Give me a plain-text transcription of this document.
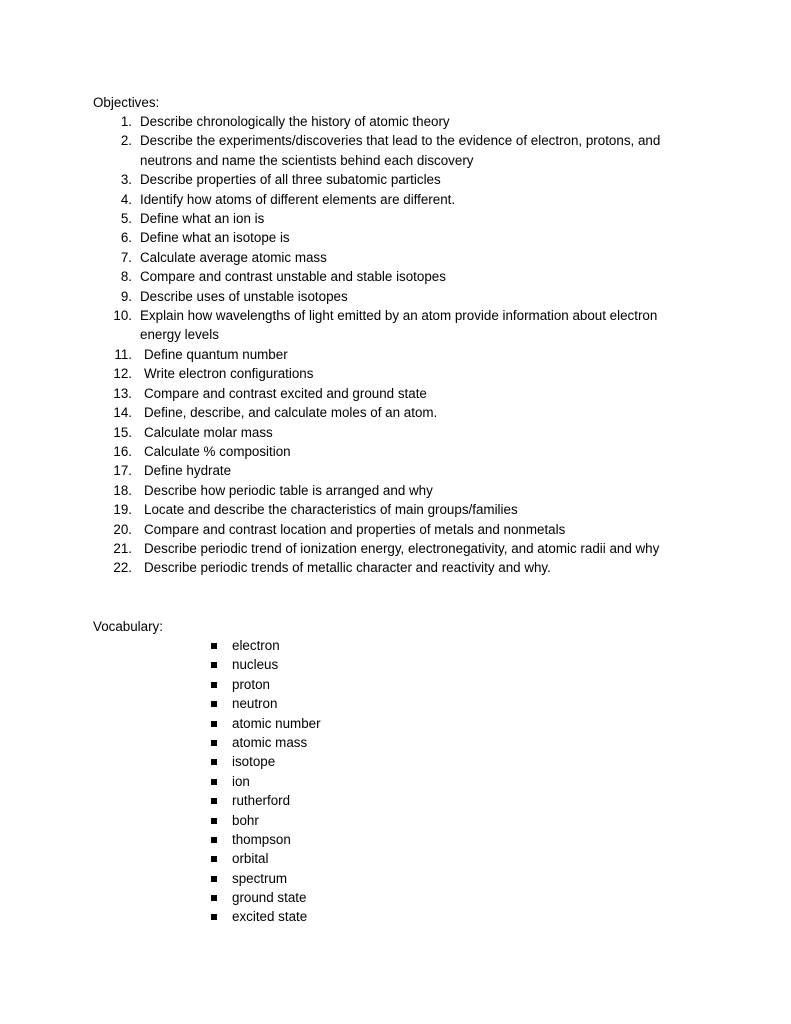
Objectives:
1. Describe chronologically the history of atomic theory
2. Describe the experiments/discoveries that lead to the evidence of electron, protons, and neutrons and name the scientists behind each discovery
3. Describe properties of all three subatomic particles
4. Identify how atoms of different elements are different.
5. Define what an ion is
6. Define what an isotope is
7. Calculate average atomic mass
8. Compare and contrast unstable and stable isotopes
9. Describe uses of unstable isotopes
10. Explain how wavelengths of light emitted by an atom provide information about electron energy levels
11. Define quantum number
12. Write electron configurations
13. Compare and contrast excited and ground state
14. Define, describe, and calculate moles of an atom.
15. Calculate molar mass
16. Calculate % composition
17. Define hydrate
18. Describe how periodic table is arranged and why
19. Locate and describe the characteristics of main groups/families
20. Compare and contrast location and properties of metals and nonmetals
21. Describe periodic trend of ionization energy, electronegativity, and atomic radii and why
22. Describe periodic trends of metallic character and reactivity and why.
Vocabulary:
electron
nucleus
proton
neutron
atomic number
atomic mass
isotope
ion
rutherford
bohr
thompson
orbital
spectrum
ground state
excited state
